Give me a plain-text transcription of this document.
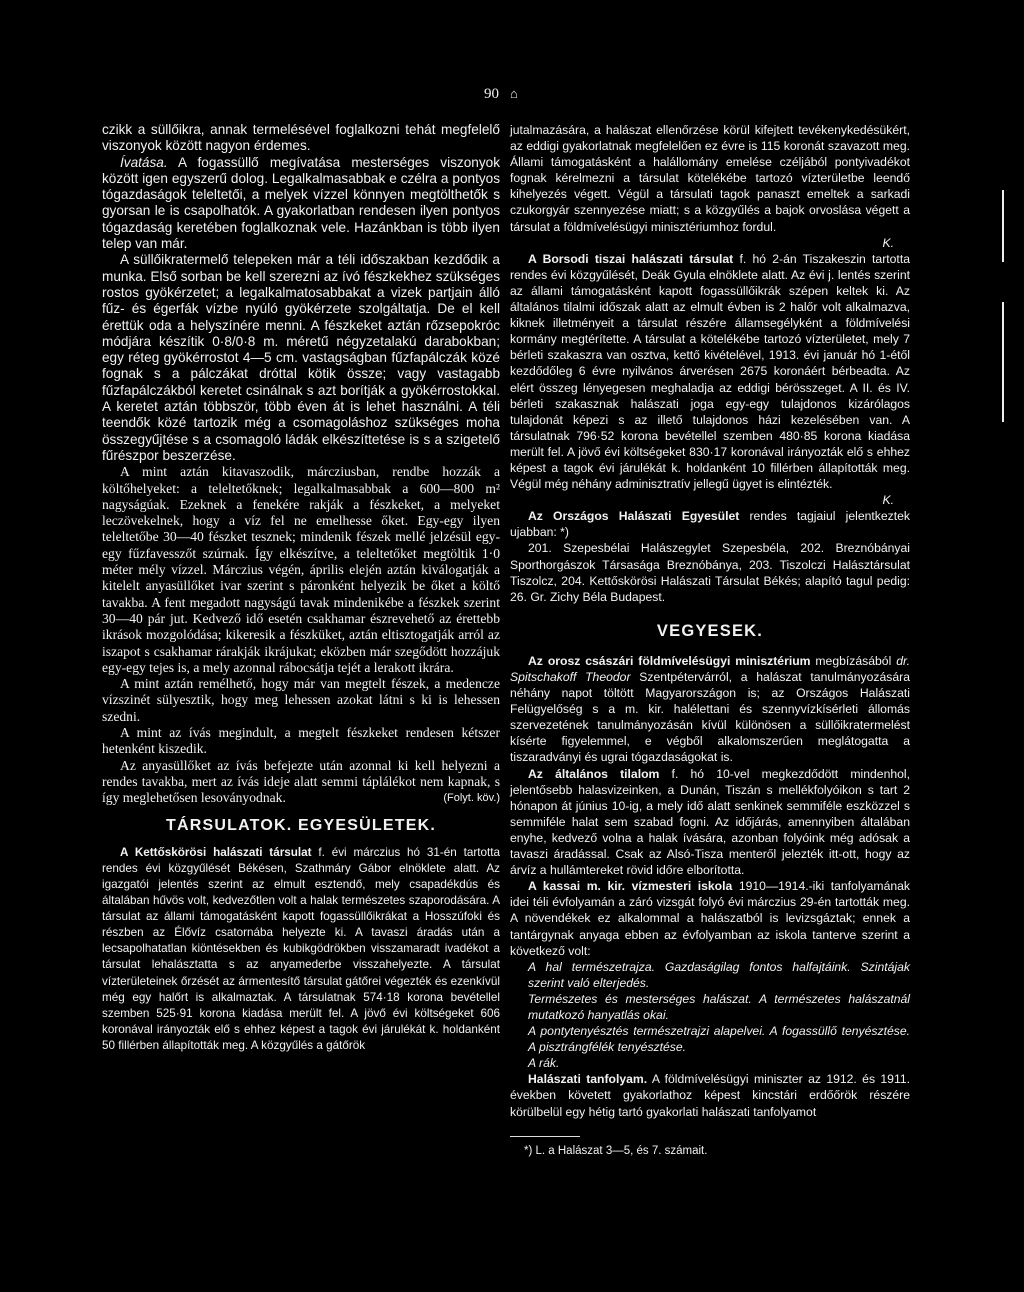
90 ⌂

czikk a süllőikra, annak termelésével foglalkozni tehát megfelelő viszonyok között nagyon érdemes.

Ívatása. A fogassüllő megívatása mesterséges viszonyok között igen egyszerű dolog. Legalkalmasabbak e czélra a pontyos tógazdaságok teleltetői, a melyek vízzel könnyen megtölthetők s gyorsan le is csapolhatók. A gyakorlatban rendesen ilyen pontyos tógazdaság keretében foglalkoznak vele. Hazánkban is több ilyen telep van már.

A süllőikratermelő telepeken már a téli időszakban kezdődik a munka. Első sorban be kell szerezni az ívó fészkekhez szükséges rostos gyökérzetet; a legalkalmatosabbakat a vizek partjain álló fűz- és égerfák vízbe nyúló gyökérzete szolgáltatja. De el kell érettük oda a helyszínére menni. A fészkeket aztán rőzsepokróc módjára készítik 0·8/0·8 m. méretű négyzetalakú darabokban; egy réteg gyökérrostot 4—5 cm. vastagságban fűzfapálczák közé fognak s a pálczákat dróttal kötik össze; vagy vastagabb fűzfapálczákból keretet csinálnak s azt borítják a gyökérrostokkal. A keretet aztán többször, több éven át is lehet használni. A téli teendők közé tartozik még a csomagoláshoz szükséges moha összegyűjtése s a csomagoló ládák elkészíttetése is s a szigetelő fűrészpor beszerzése.

A mint aztán kitavaszodik, márcziusban, rendbe hozzák a költőhelyeket: a teleltetőknek; legalkalmasabbak a 600—800 m² nagyságúak. Ezeknek a fenekére rakják a fészkeket, a melyeket leczövekelnek, hogy a víz fel ne emelhesse őket. Egy-egy ilyen teleltetőbe 30—40 fészket tesznek; mindenik fészek mellé jelzésül egy-egy fűzfavesszőt szúrnak. Így elkészítve, a teleltetőket megtöltik 1·0 méter mély vízzel. Márczius végén, április elején aztán kiválogatják a kitelelt anyasüllőket ivar szerint s páronként helyezik be őket a költő tavakba. A fent megadott nagyságú tavak mindenikébe a fészkek szerint 30—40 pár jut. Kedvező idő esetén csakhamar észrevehető az érettebb ikrások mozgolódása; kikeresik a fészküket, aztán eltisztogatják arról az iszapot s csakhamar rárakják ikrájukat; eközben már szegődött hozzájuk egy-egy tejes is, a mely azonnal rábocsátja tejét a lerakott ikrára.

A mint aztán remélhető, hogy már van megtelt fészek, a medencze vízszinét sülyesztik, hogy meg lehessen azokat látni s ki is lehessen szedni.

A mint az ívás megindult, a megtelt fészkeket rendesen kétszer hetenként kiszedik.

Az anyasüllőket az ívás befejezte után azonnal ki kell helyezni a rendes tavakba, mert az ívás ideje alatt semmi táplálékot nem kapnak, s így meglehetősen lesoványodnak.	(Folyt. köv.)

TÁRSULATOK. EGYESÜLETEK.

A Kettőskörösi halászati társulat f. évi márczius hó 31-én tartotta rendes évi közgyűlését Békésen, Szathmáry Gábor elnöklete alatt. Az igazgatói jelentés szerint az elmult esztendő, mely csapadékdús és általában hűvös volt, kedvezőtlen volt a halak természetes szaporodására. A társulat az állami támogatásként kapott fogassüllőikrákat a Hosszúfoki és részben az Élővíz csatornába helyezte ki. A tavaszi áradás után a lecsapolhatatlan kiöntésekben és kubikgödrökben visszamaradt ivadékot a társulat lehalásztatta s az anyamederbe visszahelyezte. A társulat vízterületeinek őrzését az ármentesítő társulat gátőrei végezték és ezenkívül még egy halőrt is alkalmaztak. A társulatnak 574·18 korona bevétellel szemben 525·91 korona kiadása merült fel. A jövő évi költségeket 606 koronával irányozták elő s ehhez képest a tagok évi járulékát k. holdanként 50 fillérben állapították meg. A közgyűlés a gátőrök

jutalmazására, a halászat ellenőrzése körül kifejtett tevékenykedésükért, az eddigi gyakorlatnak megfelelően ez évre is 115 koronát szavazott meg. Állami támogatásként a halállomány emelése czéljából pontyivadékot fognak kérelmezni a társulat kötelékébe tartozó vízterületbe leendő kihelyezés végett. Végül a társulati tagok panaszt emeltek a sarkadi czukorgyár szennyezése miatt; s a közgyűlés a bajok orvoslása végett a társulat a földmívelésügyi minisztériumhoz fordul.

K.

A Borsodi tiszai halászati társulat f. hó 2-án Tiszakeszin tartotta rendes évi közgyűlését, Deák Gyula elnöklete alatt. Az évi j. lentés szerint az állami támogatásként kapott fogassüllőikrák szépen keltek ki. Az általános tilalmi időszak alatt az elmult évben is 2 halőr volt alkalmazva, kiknek illetményeit a társulat részére államsegélyként a földmívelési kormány megtérítette. A társulat a kötelékébe tartozó vízterületet, mely 7 bérleti szakaszra van osztva, kettő kivételével, 1913. évi január hó 1-étől kezdődőleg 6 évre nyilvános árverésen 2675 koronáért bérbeadta. Az elért összeg lényegesen meghaladja az eddigi bérösszeget. A II. és IV. bérleti szakasznak halászati joga egy-egy tulajdonos kizárólagos tulajdonát képezi s az illető tulajdonos házi kezelésében van. A társulatnak 796·52 korona bevétellel szemben 480·85 korona kiadása merült fel. A jövő évi költségeket 830·17 koronával irányozták elő s ehhez képest a tagok évi járulékát k. holdanként 10 fillérben állapították meg. Végül még néhány adminisztratív jellegű ügyet is elintézték.

K.

Az Országos Halászati Egyesület rendes tagjaiul jelentkeztek ujabban: *)

201. Szepesbélai Halászegylet Szepesbéla, 202. Breznóbányai Sporthorgászok Társasága Breznóbánya, 203. Tiszolczi Halásztársulat Tiszolcz, 204. Kettőskörösi Halászati Társulat Békés; alapító tagul pedig: 26. Gr. Zichy Béla Budapest.

VEGYESEK.

Az orosz császári földmívelésügyi minisztérium megbízásából dr. Spitschakoff Theodor Szentpétervárról, a halászat tanulmányozására néhány napot töltött Magyarországon is; az Országos Halászati Felügyelőség s a m. kir. halélettani és szennyvízkísérleti állomás szervezetének tanulmányozásán kívül különösen a süllőikratermelést kísérte figyelemmel, e végből alkalomszerűen meglátogatta a tiszaradványi és ugrai tógazdaságokat is.

Az általános tilalom f. hó 10-vel megkezdődött mindenhol, jelentősebb halasvizeinken, a Dunán, Tiszán s mellékfolyóikon s tart 2 hónapon át június 10-ig, a mely idő alatt senkinek semmiféle eszközzel s semmiféle halat sem szabad fogni. Az időjárás, amennyiben általában enyhe, kedvező volna a halak ívására, azonban folyóink még adósak a tavaszi áradással. Csak az Alsó-Tisza menteről jelezték itt-ott, hogy az árvíz a hullámtereket rövid időre elborította.

A kassai m. kir. vízmesteri iskola 1910—1914.-iki tanfolyamának idei téli évfolyamán a záró vizsgát folyó évi márczius 29-én tartották meg. A növendékek ez alkalommal a halászatból is levizsgáztak; ennek a tantárgynak anyaga ebben az évfolyamban az iskola tanterve szerint a következő volt:

A hal természetrajza. Gazdaságilag fontos halfajtáink. Szintájak szerint való elterjedés.

Természetes és mesterséges halászat. A természetes halászatnál mutatkozó hanyatlás okai.

A pontytenyésztés természetrajzi alapelvei. A fogassüllő tenyésztése. A pisztrángfélék tenyésztése.

A rák.

Halászati tanfolyam. A földmívelésügyi miniszter az 1912. és 1911. években követett gyakorlathoz képest kincstári erdőőrök részére körülbelül egy hétig tartó gyakorlati halászati tanfolyamot

*) L. a Halászat 3—5, és 7. számait.
